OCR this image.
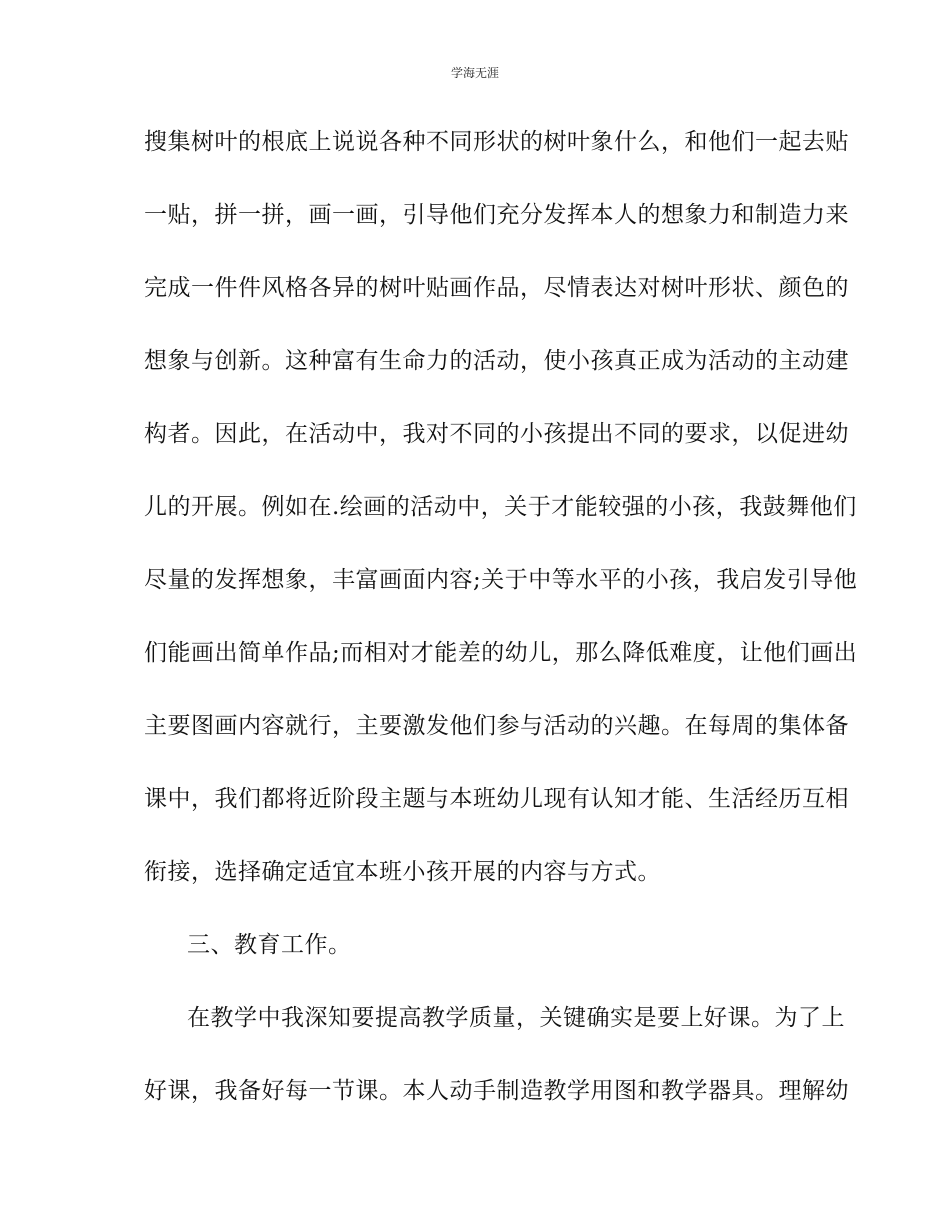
学海无涯
搜集树叶的根底上说说各种不同形状的树叶象什么，和他们一起去贴
一贴，拼一拼，画一画，引导他们充分发挥本人的想象力和制造力来
完成一件件风格各异的树叶贴画作品，尽情表达对树叶形状、颜色的
想象与创新。这种富有生命力的活动，使小孩真正成为活动的主动建
构者。因此，在活动中，我对不同的小孩提出不同的要求，以促进幼
儿的开展。例如在.绘画的活动中，关于才能较强的小孩，我鼓舞他们
尽量的发挥想象，丰富画面内容;关于中等水平的小孩，我启发引导他
们能画出简单作品;而相对才能差的幼儿，那么降低难度，让他们画出
主要图画内容就行，主要激发他们参与活动的兴趣。在每周的集体备
课中，我们都将近阶段主题与本班幼儿现有认知才能、生活经历互相
衔接，选择确定适宜本班小孩开展的内容与方式。
三、教育工作。
在教学中我深知要提高教学质量，关键确实是要上好课。为了上
好课，我备好每一节课。本人动手制造教学用图和教学器具。理解幼
